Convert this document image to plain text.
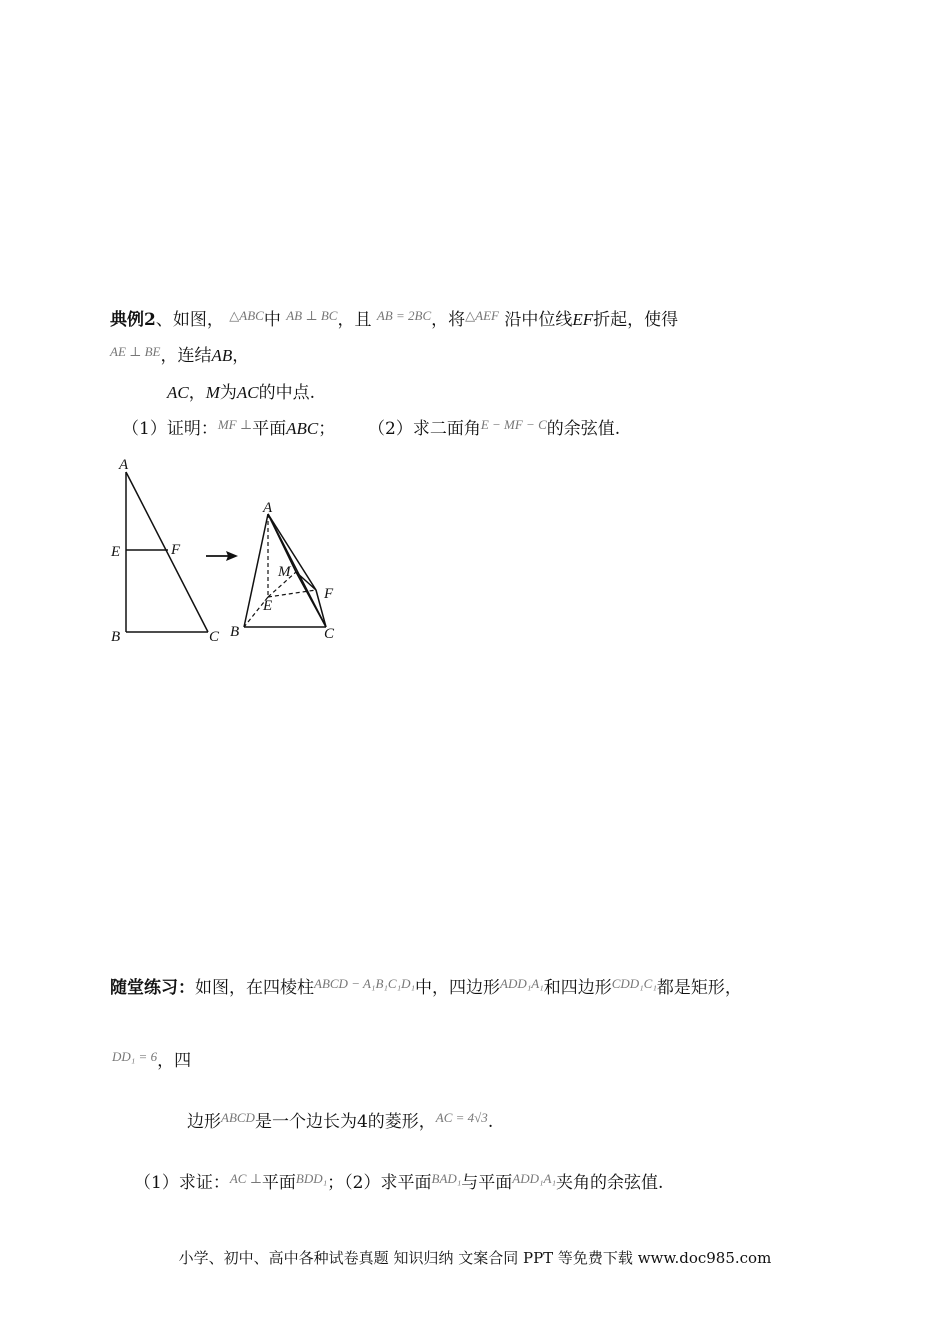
典例2、如图， $^{\triangle ABC}$中 $^{AB \perp BC}$，且 $^{AB = 2BC}$，将$^{\triangle AEF}$ 沿中位线EF折起，使得
$^{AE \perp BE}$，连结AB，
AC，M为AC的中点.
（1）证明：$^{MF \perp}$平面ABC； （2）求二面角$^{E - MF - C}$的余弦值.
A
E	F
B	C
A
M
F
E
B	C
随堂练习：如图，在四棱柱$^{ABCD - A_1B_1C_1D_1}$中，四边形$^{ADD_1A_1}$和四边形$^{CDD_1C_1}$都是矩形，
$^{DD_1 = 6}$，四
边形$^{ABCD}$是一个边长为4的菱形，$^{AC = 4√3}$.
（1）求证：$^{AC \perp}$平面$^{BDD_1}$；（2）求平面$^{BAD_1}$与平面$^{ADD_1A_1}$夹角的余弦值.
小学、初中、高中各种试卷真题 知识归纳 文案合同 PPT 等免费下载 www.doc985.com
